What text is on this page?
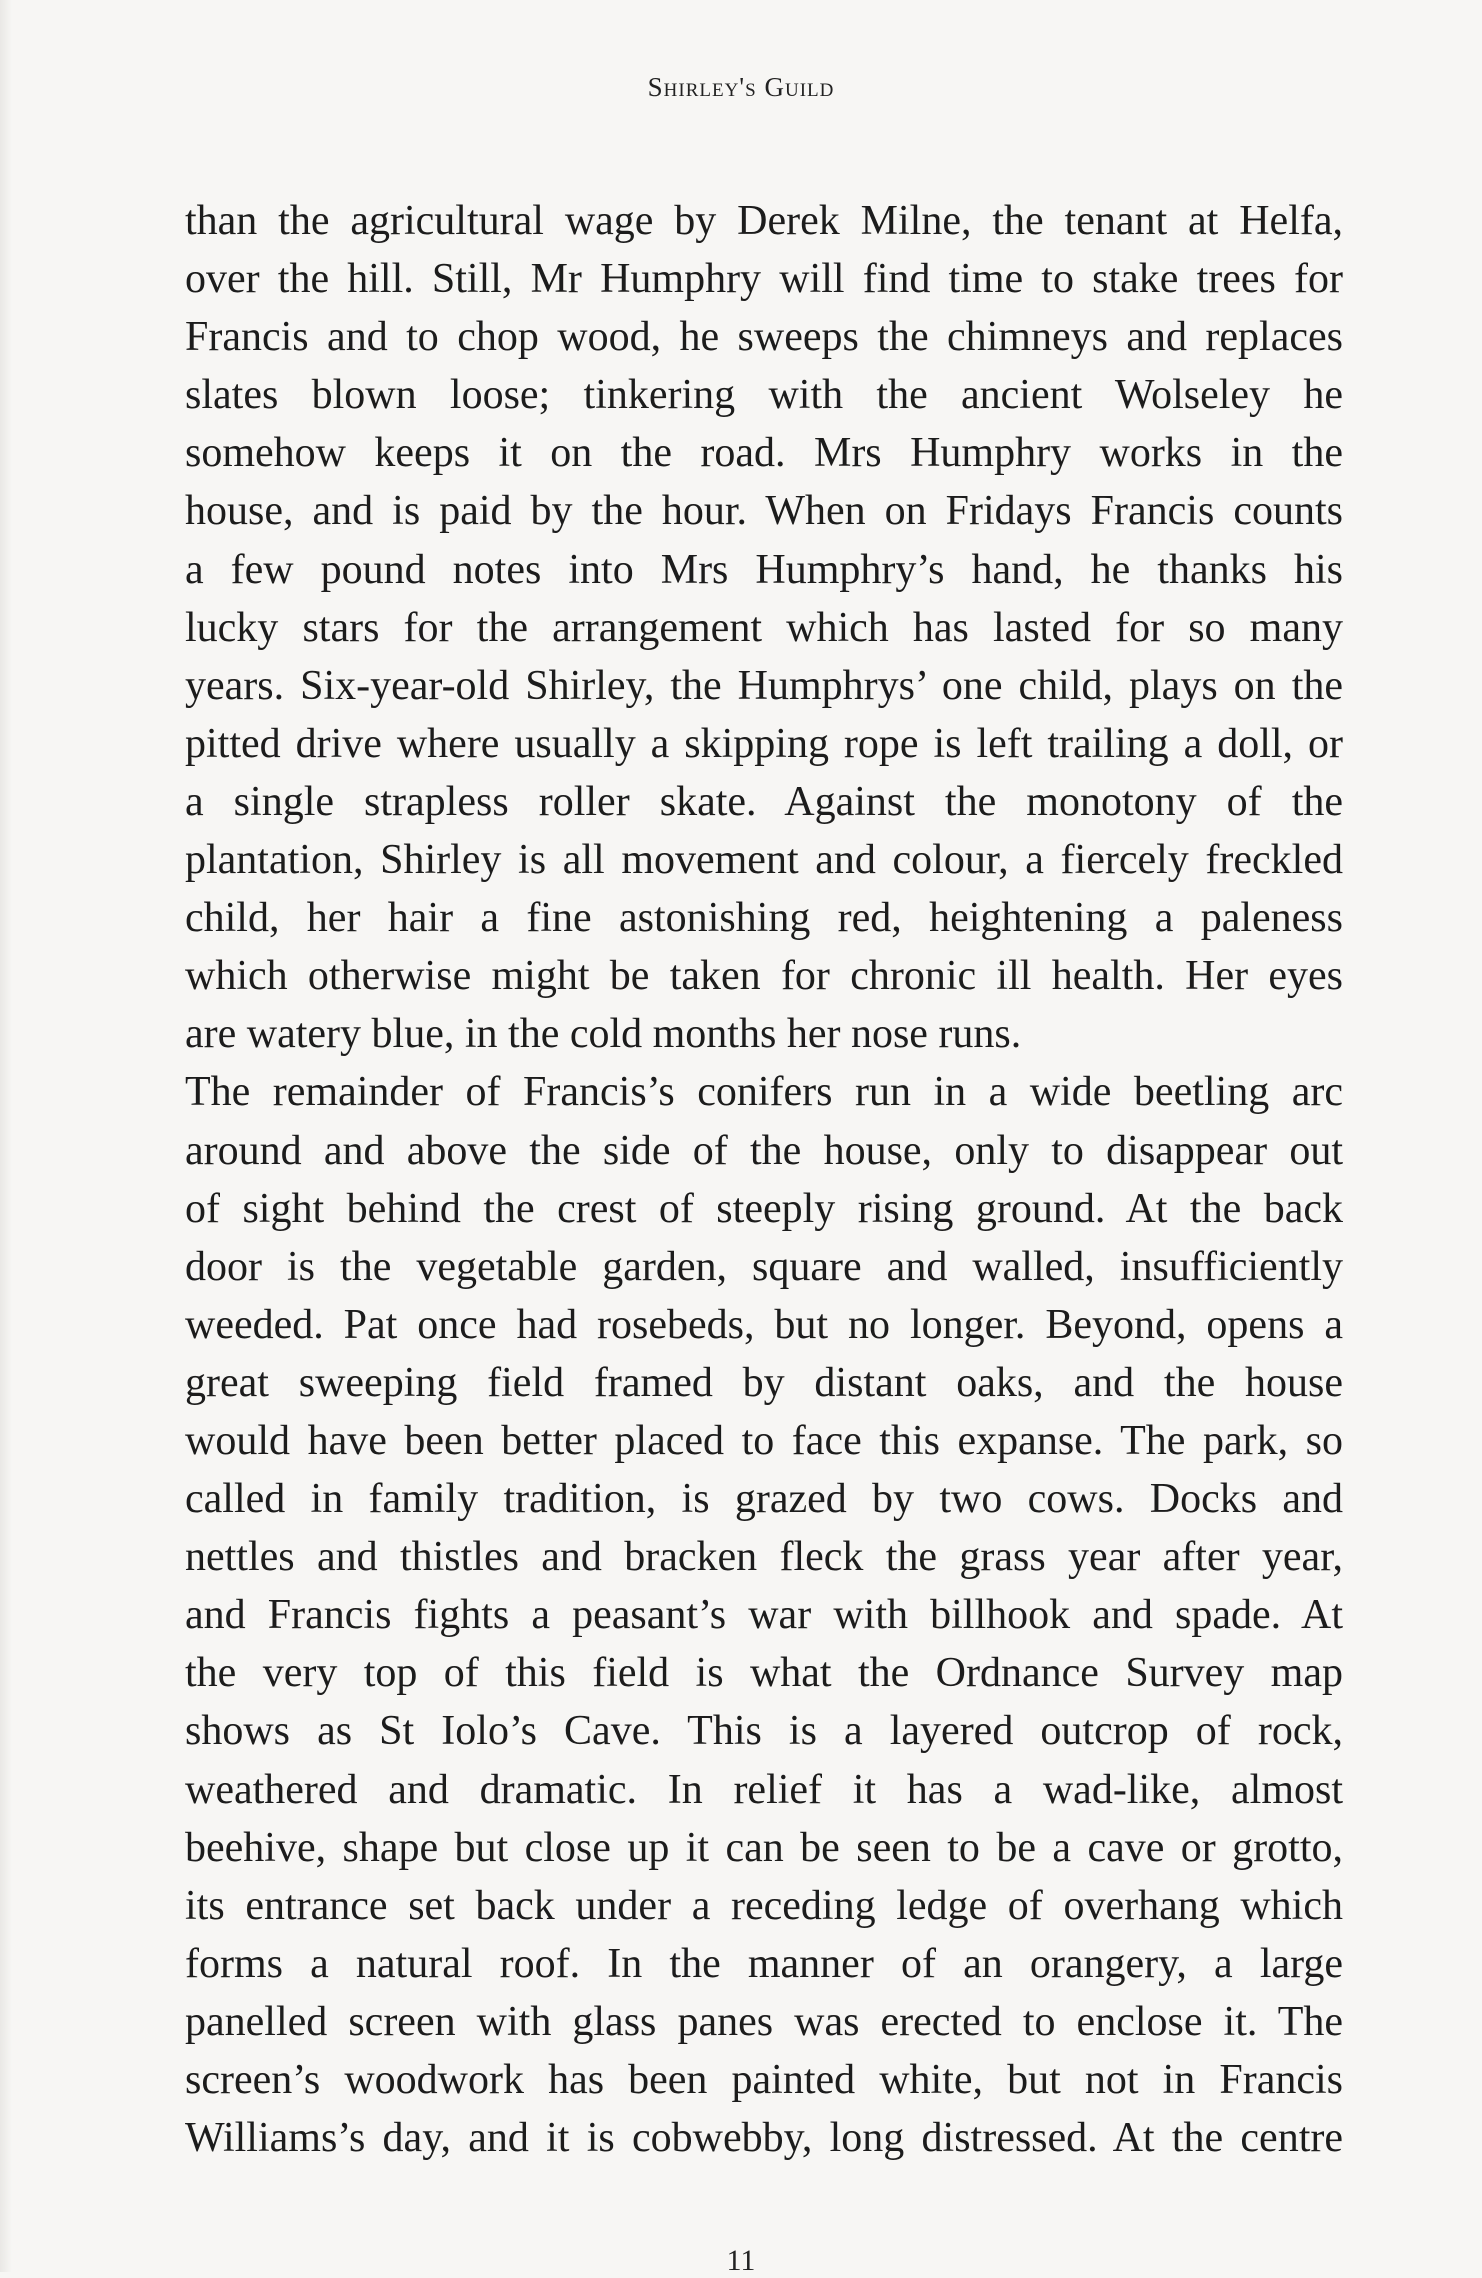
Shirley's Guild
than the agricultural wage by Derek Milne, the tenant at Helfa,
over the hill. Still, Mr Humphry will find time to stake trees for
Francis and to chop wood, he sweeps the chimneys and replaces
slates blown loose; tinkering with the ancient Wolseley he
somehow keeps it on the road. Mrs Humphry works in the
house, and is paid by the hour. When on Fridays Francis counts
a few pound notes into Mrs Humphry’s hand, he thanks his
lucky stars for the arrangement which has lasted for so many
years. Six-year-old Shirley, the Humphrys’ one child, plays on the
pitted drive where usually a skipping rope is left trailing a doll, or
a single strapless roller skate. Against the monotony of the
plantation, Shirley is all movement and colour, a fiercely freckled
child, her hair a fine astonishing red, heightening a paleness
which otherwise might be taken for chronic ill health. Her eyes
are watery blue, in the cold months her nose runs.
The remainder of Francis’s conifers run in a wide beetling arc
around and above the side of the house, only to disappear out
of sight behind the crest of steeply rising ground. At the back
door is the vegetable garden, square and walled, insufficiently
weeded. Pat once had rosebeds, but no longer. Beyond, opens a
great sweeping field framed by distant oaks, and the house
would have been better placed to face this expanse. The park, so
called in family tradition, is grazed by two cows. Docks and
nettles and thistles and bracken fleck the grass year after year,
and Francis fights a peasant’s war with billhook and spade. At
the very top of this field is what the Ordnance Survey map
shows as St Iolo’s Cave. This is a layered outcrop of rock,
weathered and dramatic. In relief it has a wad-like, almost
beehive, shape but close up it can be seen to be a cave or grotto,
its entrance set back under a receding ledge of overhang which
forms a natural roof. In the manner of an orangery, a large
panelled screen with glass panes was erected to enclose it. The
screen’s woodwork has been painted white, but not in Francis
Williams’s day, and it is cobwebby, long distressed. At the centre
11
